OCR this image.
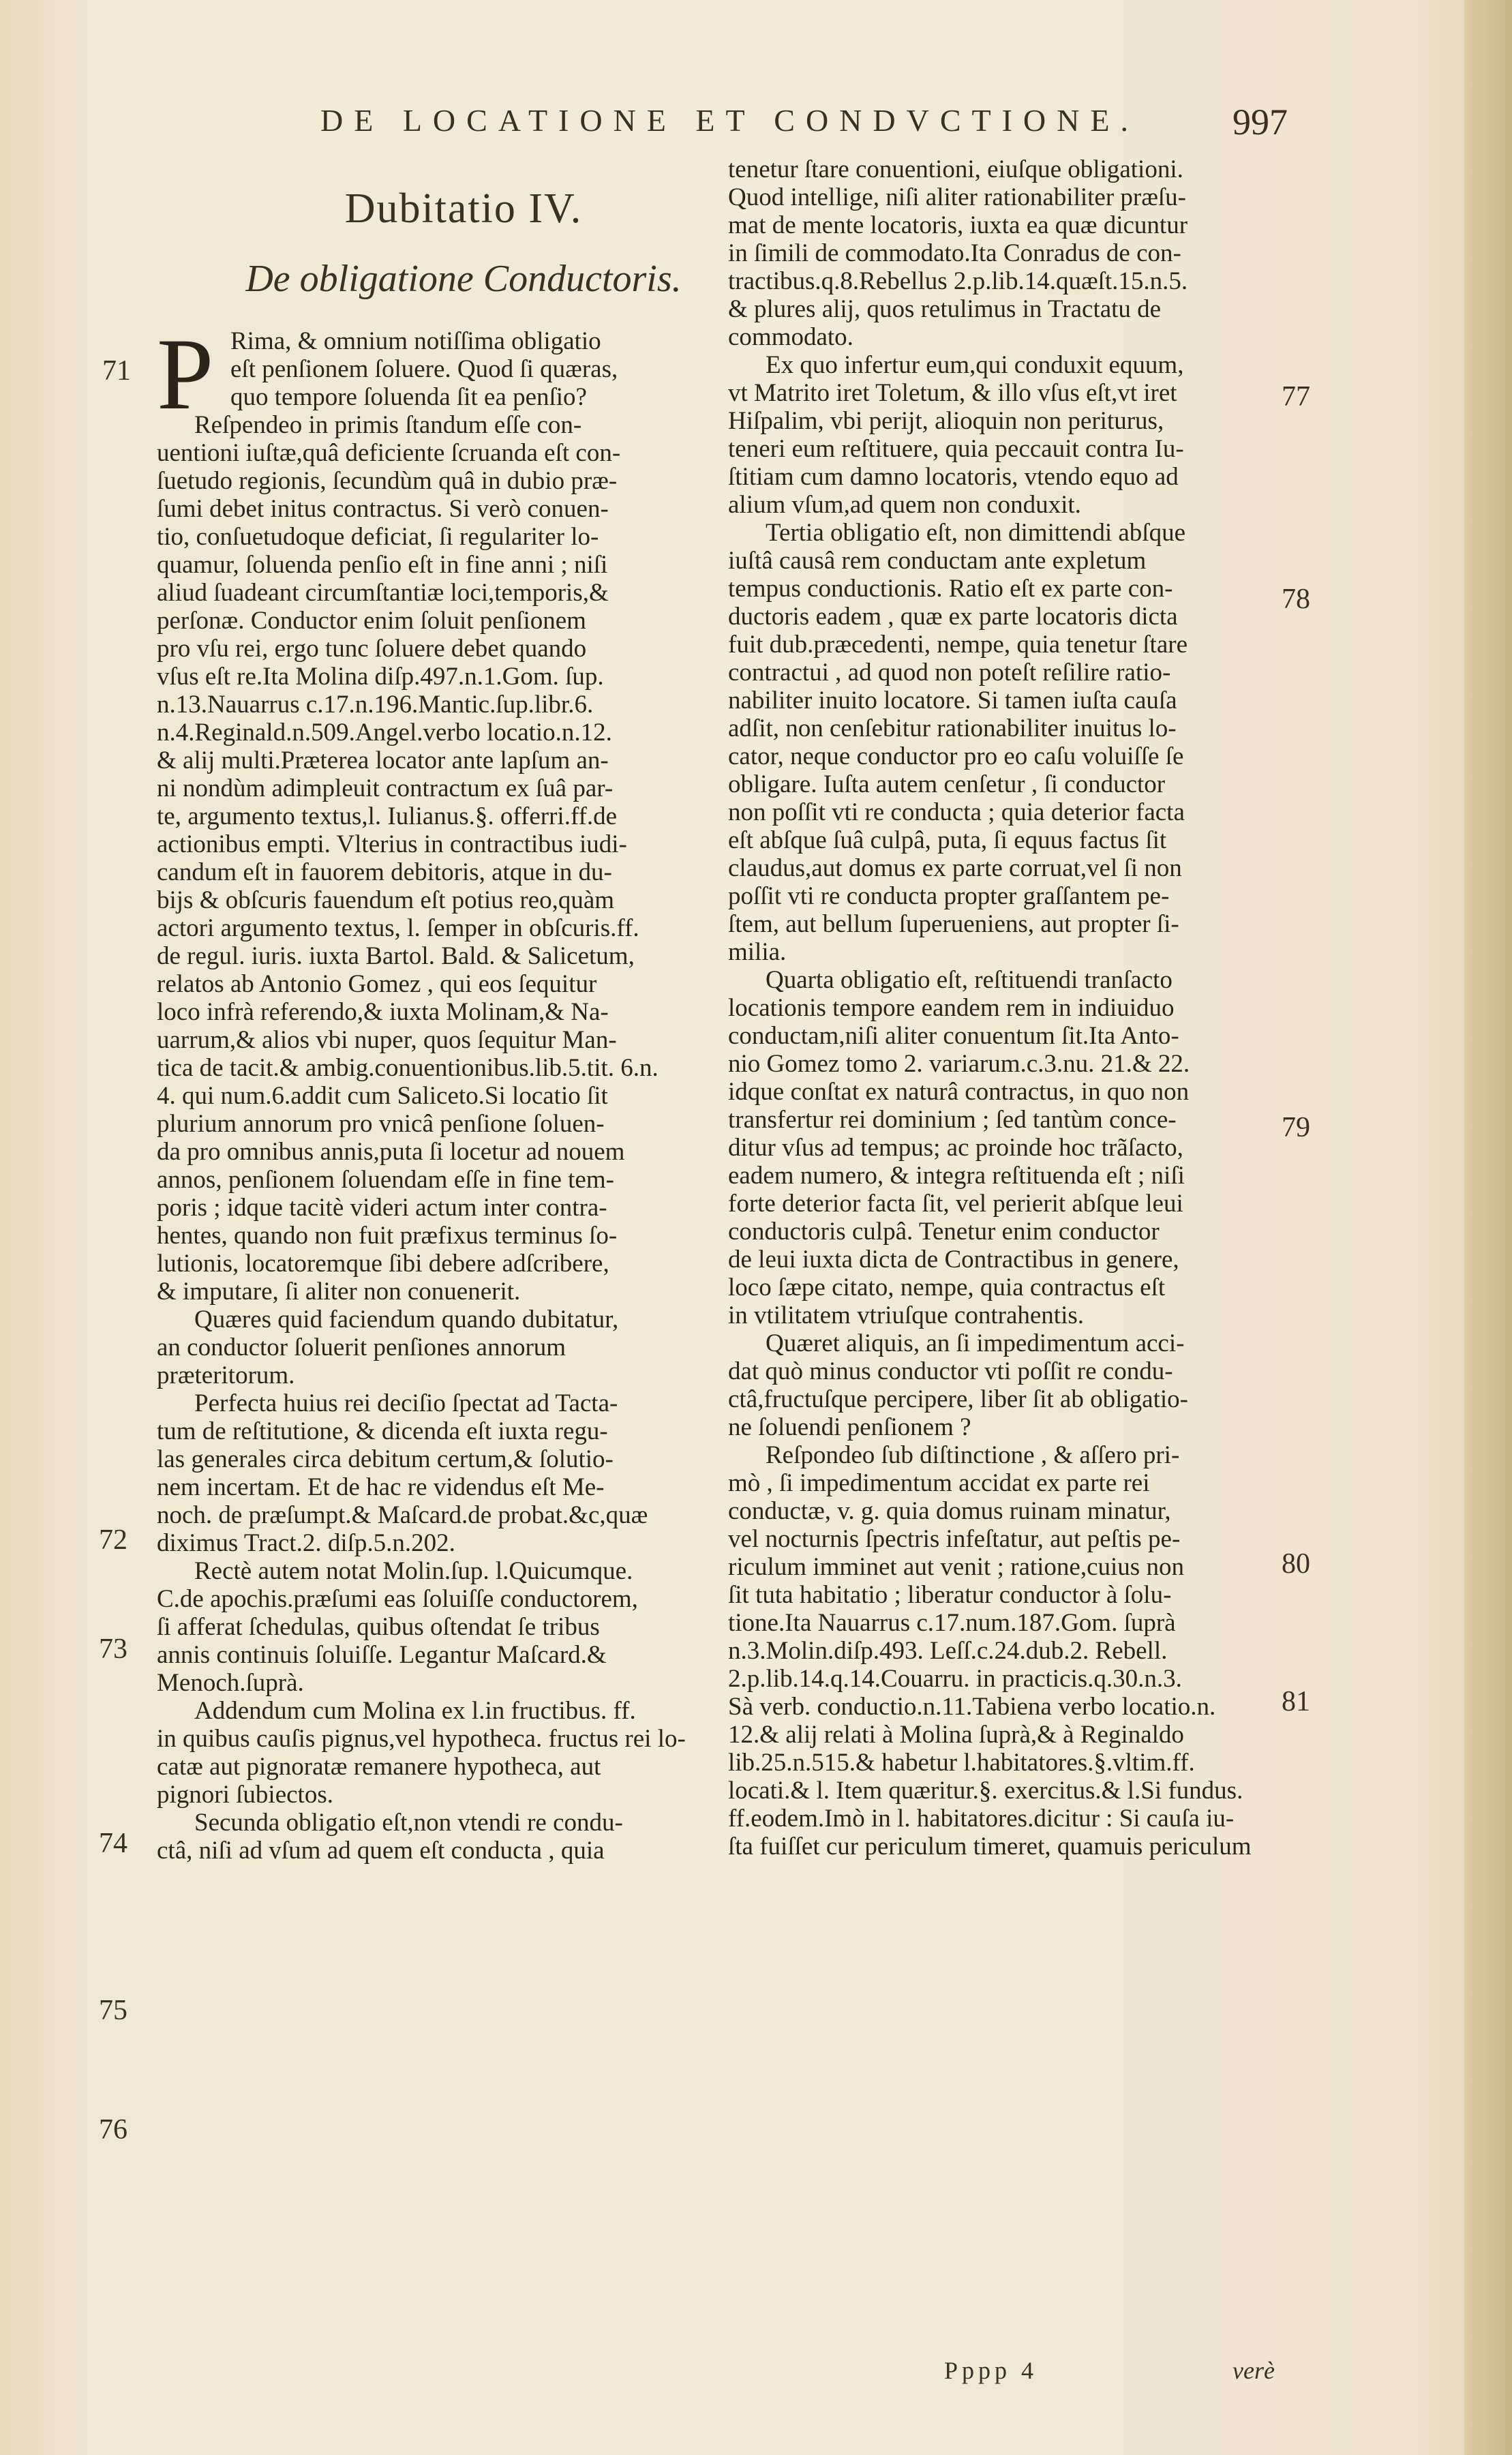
DE LOCATIONE ET CONDVCTIONE.	997
Dubitatio IV.
De obligatione Conductoris.
P Rima, & omnium notiſſima obligatio
eſt penſionem ſoluere. Quod ſi quæras,
quo tempore ſoluenda ſit ea penſio?
Reſpendeo in primis ſtandum eſſe con-
uentioni iuſtæ,quâ deficiente ſcruanda eſt con-
ſuetudo regionis, ſecundùm quâ in dubio præ-
ſumi debet initus contractus. Si verò conuen-
tio, conſuetudoque deficiat, ſi regulariter lo-
quamur, ſoluenda penſio eſt in fine anni ; niſi
aliud ſuadeant circumſtantiæ loci,temporis,&
perſonæ. Conductor enim ſoluit penſionem
pro vſu rei, ergo tunc ſoluere debet quando
vſus eſt re.Ita Molina diſp.497.n.1.Gom. ſup.
n.13.Nauarrus c.17.n.196.Mantic.ſup.libr.6.
n.4.Reginald.n.509.Angel.verbo locatio.n.12.
& alij multi.Præterea locator ante lapſum an-
ni nondùm adimpleuit contractum ex ſuâ par-
te, argumento textus,l. Iulianus.§. offerri.ff.de
actionibus empti. Vlterius in contractibus iudi-
candum eſt in fauorem debitoris, atque in du-
bijs & obſcuris fauendum eſt potius reo,quàm
actori argumento textus, l. ſemper in obſcuris.ff.
de regul. iuris. iuxta Bartol. Bald. & Salicetum,
relatos ab Antonio Gomez , qui eos ſequitur
loco infrà referendo,& iuxta Molinam,& Na-
uarrum,& alios vbi nuper, quos ſequitur Man-
tica de tacit.& ambig.conuentionibus.lib.5.tit. 6.n.
4. qui num.6.addit cum Saliceto.Si locatio ſit
plurium annorum pro vnicâ penſione ſoluen-
da pro omnibus annis,puta ſi locetur ad nouem
annos, penſionem ſoluendam eſſe in fine tem-
poris ; idque tacitè videri actum inter contra-
hentes, quando non fuit præfixus terminus ſo-
lutionis, locatoremque ſibi debere adſcribere,
& imputare, ſi aliter non conuenerit.
Quæres quid faciendum quando dubitatur,
an conductor ſoluerit penſiones annorum
præteritorum.
Perfecta huius rei deciſio ſpectat ad Tacta-
tum de reſtitutione, & dicenda eſt iuxta regu-
las generales circa debitum certum,& ſolutio-
nem incertam. Et de hac re videndus eſt Me-
noch. de præſumpt.& Maſcard.de probat.&c,quæ
diximus Tract.2. diſp.5.n.202.
Rectè autem notat Molin.ſup. l.Quicumque.
C.de apochis.præſumi eas ſoluiſſe conductorem,
ſi afferat ſchedulas, quibus oſtendat ſe tribus
annis continuis ſoluiſſe. Legantur Maſcard.&
Menoch.ſuprà.
Addendum cum Molina ex l.in fructibus. ff.
in quibus cauſis pignus,vel hypotheca. fructus rei lo-
catæ aut pignoratæ remanere hypotheca, aut
pignori ſubiectos.
Secunda obligatio eſt,non vtendi re condu-
ctâ, niſi ad vſum ad quem eſt conducta , quia
tenetur ſtare conuentioni, eiuſque obligationi.
Quod intellige, niſi aliter rationabiliter præſu-
mat de mente locatoris, iuxta ea quæ dicuntur
in ſimili de commodato.Ita Conradus de con-
tractibus.q.8.Rebellus 2.p.lib.14.quæſt.15.n.5.
& plures alij, quos retulimus in Tractatu de
commodato.
Ex quo infertur eum,qui conduxit equum,
vt Matrito iret Toletum, & illo vſus eſt,vt iret
Hiſpalim, vbi perijt, alioquin non periturus,
teneri eum reſtituere, quia peccauit contra Iu-
ſtitiam cum damno locatoris, vtendo equo ad
alium vſum,ad quem non conduxit.
Tertia obligatio eſt, non dimittendi abſque
iuſtâ causâ rem conductam ante expletum
tempus conductionis. Ratio eſt ex parte con-
ductoris eadem , quæ ex parte locatoris dicta
fuit dub.præcedenti, nempe, quia tenetur ſtare
contractui , ad quod non poteſt reſilire ratio-
nabiliter inuito locatore. Si tamen iuſta cauſa
adſit, non cenſebitur rationabiliter inuitus lo-
cator, neque conductor pro eo caſu voluiſſe ſe
obligare. Iuſta autem cenſetur , ſi conductor
non poſſit vti re conducta ; quia deterior facta
eſt abſque ſuâ culpâ, puta, ſi equus factus ſit
claudus,aut domus ex parte corruat,vel ſi non
poſſit vti re conducta propter graſſantem pe-
ſtem, aut bellum ſuperueniens, aut propter ſi-
milia.
Quarta obligatio eſt, reſtituendi tranſacto
locationis tempore eandem rem in indiuiduo
conductam,niſi aliter conuentum ſit.Ita Anto-
nio Gomez tomo 2. variarum.c.3.nu. 21.& 22.
idque conſtat ex naturâ contractus, in quo non
transfertur rei dominium ; ſed tantùm conce-
ditur vſus ad tempus; ac proinde hoc trãſacto,
eadem numero, & integra reſtituenda eſt ; niſi
forte deterior facta ſit, vel perierit abſque leui
conductoris culpâ. Tenetur enim conductor
de leui iuxta dicta de Contractibus in genere,
loco ſæpe citato, nempe, quia contractus eſt
in vtilitatem vtriuſque contrahentis.
Quæret aliquis, an ſi impedimentum acci-
dat quò minus conductor vti poſſit re condu-
ctâ,fructuſque percipere, liber ſit ab obligatio-
ne ſoluendi penſionem ?
Reſpondeo ſub diſtinctione , & aſſero pri-
mò , ſi impedimentum accidat ex parte rei
conductæ, v. g. quia domus ruinam minatur,
vel nocturnis ſpectris infeſtatur, aut peſtis pe-
riculum imminet aut venit ; ratione,cuius non
ſit tuta habitatio ; liberatur conductor à ſolu-
tione.Ita Nauarrus c.17.num.187.Gom. ſuprà
n.3.Molin.diſp.493. Leſſ.c.24.dub.2. Rebell.
2.p.lib.14.q.14.Couarru. in practicis.q.30.n.3.
Sà verb. conductio.n.11.Tabiena verbo locatio.n.
12.& alij relati à Molina ſuprà,& à Reginaldo
lib.25.n.515.& habetur l.habitatores.§.vltim.ff.
locati.& l. Item quæritur.§. exercitus.& l.Si fundus.
ff.eodem.Imò in l. habitatores.dicitur : Si cauſa iu-
ſta fuiſſet cur periculum timeret, quamuis periculum
71
72
73
74
75
76
77
78
79
80
81
Pppp 4	verè
